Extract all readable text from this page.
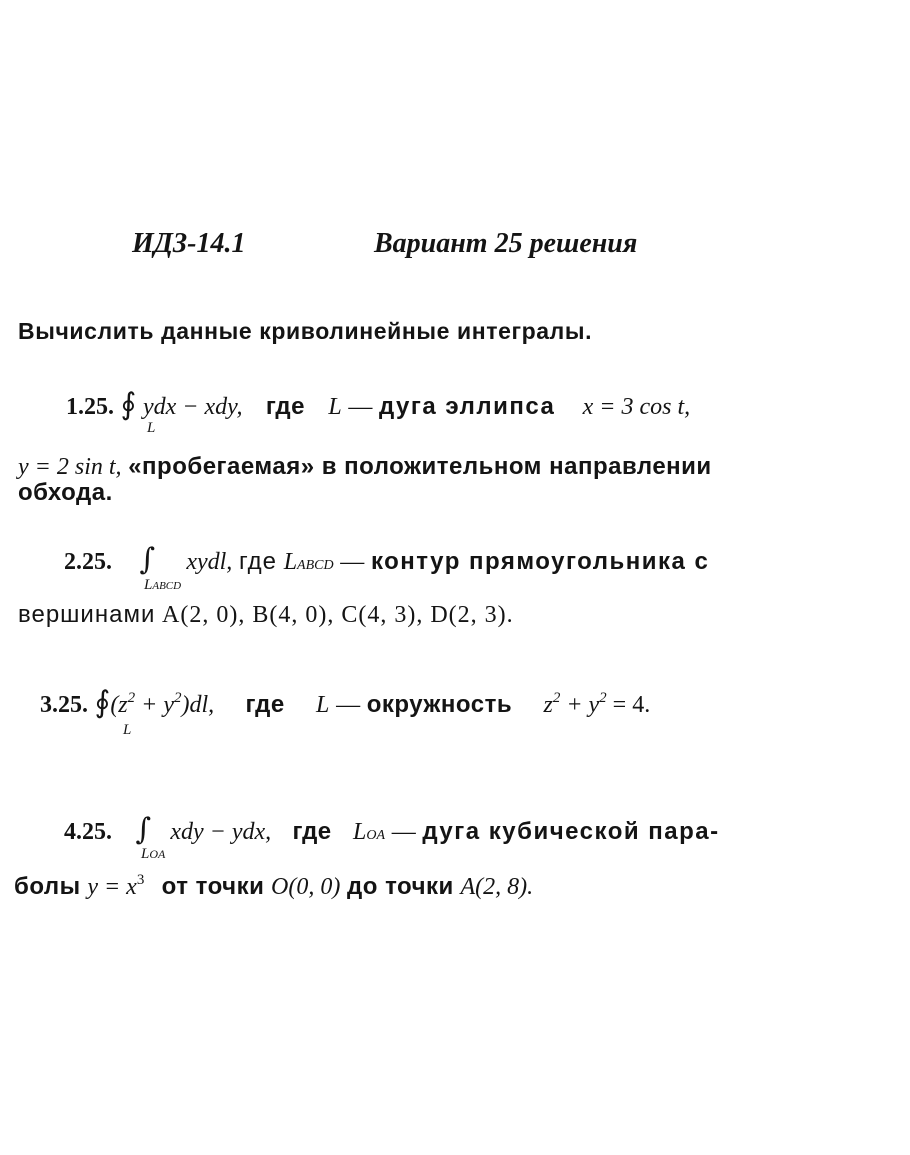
ИДЗ-14.1	Вариант 25 решения
Вычислить данные криволинейные интегралы.
1.25. ∮ ydx − xdy, где L — дуга эллипса x = 3 cos t,
L
y = 2 sin t, «пробегаемая» в положительном направлении
обхода.
2.25. ∫ xydl, где LABCD — контур прямоугольника с
LABCD
вершинами A(2, 0), B(4, 0), C(4, 3), D(2, 3).
3.25. $∮(z^2 + y^2)dl$, где L — окружность $z^2 + y^2 = 4$.
L
4.25. ∫ xdy − ydx, где LOA — дуга кубической пара-
LOA
болы $y = x^3$ от точки O(0, 0) до точки A(2, 8).
